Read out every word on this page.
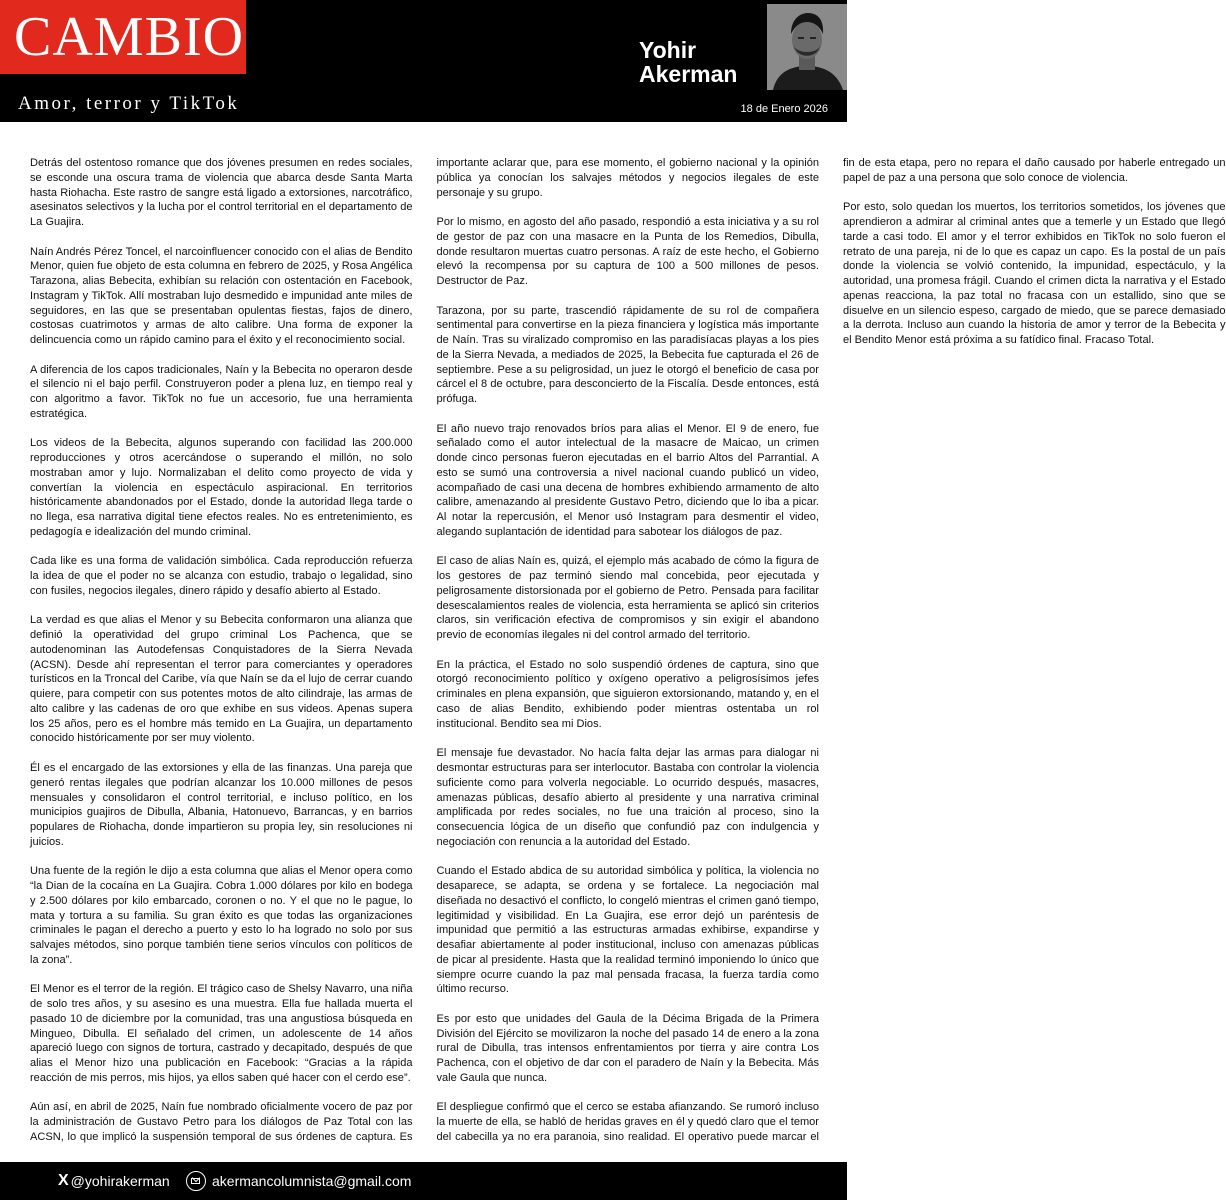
CAMBIO
Amor, terror y TikTok	18 de Enero 2026
Yohir
Akerman

Detrás del ostentoso romance que dos jóvenes presumen en redes sociales, se esconde una oscura trama de violencia que abarca desde Santa Marta hasta Riohacha. Este rastro de sangre está ligado a extorsiones, narcotráfico, asesinatos selectivos y la lucha por el control territorial en el departamento de La Guajira.

Naín Andrés Pérez Toncel, el narcoinfluencer conocido con el alias de Bendito Menor, quien fue objeto de esta columna en febrero de 2025, y Rosa Angélica Tarazona, alias Bebecita, exhibían su relación con ostentación en Facebook, Instagram y TikTok. Allí mostraban lujo desmedido e impunidad ante miles de seguidores, en las que se presentaban opulentas fiestas, fajos de dinero, costosas cuatrimotos y armas de alto calibre. Una forma de exponer la delincuencia como un rápido camino para el éxito y el reconocimiento social.

A diferencia de los capos tradicionales, Naín y la Bebecita no operaron desde el silencio ni el bajo perfil. Construyeron poder a plena luz, en tiempo real y con algoritmo a favor. TikTok no fue un accesorio, fue una herramienta estratégica.

Los videos de la Bebecita, algunos superando con facilidad las 200.000 reproducciones y otros acercándose o superando el millón, no solo mostraban amor y lujo. Normalizaban el delito como proyecto de vida y convertían la violencia en espectáculo aspiracional. En territorios históricamente abandonados por el Estado, donde la autoridad llega tarde o no llega, esa narrativa digital tiene efectos reales. No es entretenimiento, es pedagogía e idealización del mundo criminal.

Cada like es una forma de validación simbólica. Cada reproducción refuerza la idea de que el poder no se alcanza con estudio, trabajo o legalidad, sino con fusiles, negocios ilegales, dinero rápido y desafío abierto al Estado.

La verdad es que alias el Menor y su Bebecita conformaron una alianza que definió la operatividad del grupo criminal Los Pachenca, que se autodenominan las Autodefensas Conquistadores de la Sierra Nevada (ACSN). Desde ahí representan el terror para comerciantes y operadores turísticos en la Troncal del Caribe, vía que Naín se da el lujo de cerrar cuando quiere, para competir con sus potentes motos de alto cilindraje, las armas de alto calibre y las cadenas de oro que exhibe en sus videos. Apenas supera los 25 años, pero es el hombre más temido en La Guajira, un departamento conocido históricamente por ser muy violento.

Él es el encargado de las extorsiones y ella de las finanzas. Una pareja que generó rentas ilegales que podrían alcanzar los 10.000 millones de pesos mensuales y consolidaron el control territorial, e incluso político, en los municipios guajiros de Dibulla, Albania, Hatonuevo, Barrancas, y en barrios populares de Riohacha, donde impartieron su propia ley, sin resoluciones ni juicios.

Una fuente de la región le dijo a esta columna que alias el Menor opera como “la Dian de la cocaína en La Guajira. Cobra 1.000 dólares por kilo en bodega y 2.500 dólares por kilo embarcado, coronen o no. Y el que no le pague, lo mata y tortura a su familia. Su gran éxito es que todas las organizaciones criminales le pagan el derecho a puerto y esto lo ha logrado no solo por sus salvajes métodos, sino porque también tiene serios vínculos con políticos de la zona”.

El Menor es el terror de la región. El trágico caso de Shelsy Navarro, una niña de solo tres años, y su asesino es una muestra. Ella fue hallada muerta el pasado 10 de diciembre por la comunidad, tras una angustiosa búsqueda en Mingueo, Dibulla. El señalado del crimen, un adolescente de 14 años apareció luego con signos de tortura, castrado y decapitado, después de que alias el Menor hizo una publicación en Facebook: “Gracias a la rápida reacción de mis perros, mis hijos, ya ellos saben qué hacer con el cerdo ese”.

Aún así, en abril de 2025, Naín fue nombrado oficialmente vocero de paz por la administración de Gustavo Petro para los diálogos de Paz Total con las ACSN, lo que implicó la suspensión temporal de sus órdenes de captura. Es importante aclarar que, para ese momento, el gobierno nacional y la opinión pública ya conocían los salvajes métodos y negocios ilegales de este personaje y su grupo.

Por lo mismo, en agosto del año pasado, respondió a esta iniciativa y a su rol de gestor de paz con una masacre en la Punta de los Remedios, Dibulla, donde resultaron muertas cuatro personas. A raíz de este hecho, el Gobierno elevó la recompensa por su captura de 100 a 500 millones de pesos. Destructor de Paz.

Tarazona, por su parte, trascendió rápidamente de su rol de compañera sentimental para convertirse en la pieza financiera y logística más importante de Naín. Tras su viralizado compromiso en las paradisíacas playas a los pies de la Sierra Nevada, a mediados de 2025, la Bebecita fue capturada el 26 de septiembre. Pese a su peligrosidad, un juez le otorgó el beneficio de casa por cárcel el 8 de octubre, para desconcierto de la Fiscalía. Desde entonces, está prófuga.

El año nuevo trajo renovados bríos para alias el Menor. El 9 de enero, fue señalado como el autor intelectual de la masacre de Maicao, un crimen donde cinco personas fueron ejecutadas en el barrio Altos del Parrantial. A esto se sumó una controversia a nivel nacional cuando publicó un video, acompañado de casi una decena de hombres exhibiendo armamento de alto calibre, amenazando al presidente Gustavo Petro, diciendo que lo iba a picar. Al notar la repercusión, el Menor usó Instagram para desmentir el video, alegando suplantación de identidad para sabotear los diálogos de paz.

El caso de alias Naín es, quizá, el ejemplo más acabado de cómo la figura de los gestores de paz terminó siendo mal concebida, peor ejecutada y peligrosamente distorsionada por el gobierno de Petro. Pensada para facilitar desescalamientos reales de violencia, esta herramienta se aplicó sin criterios claros, sin verificación efectiva de compromisos y sin exigir el abandono previo de economías ilegales ni del control armado del territorio.

En la práctica, el Estado no solo suspendió órdenes de captura, sino que otorgó reconocimiento político y oxígeno operativo a peligrosísimos jefes criminales en plena expansión, que siguieron extorsionando, matando y, en el caso de alias Bendito, exhibiendo poder mientras ostentaba un rol institucional. Bendito sea mi Dios.

El mensaje fue devastador. No hacía falta dejar las armas para dialogar ni desmontar estructuras para ser interlocutor. Bastaba con controlar la violencia suficiente como para volverla negociable. Lo ocurrido después, masacres, amenazas públicas, desafío abierto al presidente y una narrativa criminal amplificada por redes sociales, no fue una traición al proceso, sino la consecuencia lógica de un diseño que confundió paz con indulgencia y negociación con renuncia a la autoridad del Estado.

Cuando el Estado abdica de su autoridad simbólica y política, la violencia no desaparece, se adapta, se ordena y se fortalece. La negociación mal diseñada no desactivó el conflicto, lo congeló mientras el crimen ganó tiempo, legitimidad y visibilidad. En La Guajira, ese error dejó un paréntesis de impunidad que permitió a las estructuras armadas exhibirse, expandirse y desafiar abiertamente al poder institucional, incluso con amenazas públicas de picar al presidente. Hasta que la realidad terminó imponiendo lo único que siempre ocurre cuando la paz mal pensada fracasa, la fuerza tardía como último recurso.

Es por esto que unidades del Gaula de la Décima Brigada de la Primera División del Ejército se movilizaron la noche del pasado 14 de enero a la zona rural de Dibulla, tras intensos enfrentamientos por tierra y aire contra Los Pachenca, con el objetivo de dar con el paradero de Naín y la Bebecita. Más vale Gaula que nunca.

El despliegue confirmó que el cerco se estaba afianzando. Se rumoró incluso la muerte de ella, se habló de heridas graves en él y quedó claro que el temor del cabecilla ya no era paranoia, sino realidad. El operativo puede marcar el fin de esta etapa, pero no repara el daño causado por haberle entregado un papel de paz a una persona que solo conoce de violencia.

Por esto, solo quedan los muertos, los territorios sometidos, los jóvenes que aprendieron a admirar al criminal antes que a temerle y un Estado que llegó tarde a casi todo. El amor y el terror exhibidos en TikTok no solo fueron el retrato de una pareja, ni de lo que es capaz un capo. Es la postal de un país donde la violencia se volvió contenido, la impunidad, espectáculo, y la autoridad, una promesa frágil. Cuando el crimen dicta la narrativa y el Estado apenas reacciona, la paz total no fracasa con un estallido, sino que se disuelve en un silencio espeso, cargado de miedo, que se parece demasiado a la derrota. Incluso aun cuando la historia de amor y terror de la Bebecita y el Bendito Menor está próxima a su fatídico final. Fracaso Total.

X @yohirakerman	akermancolumnista@gmail.com
